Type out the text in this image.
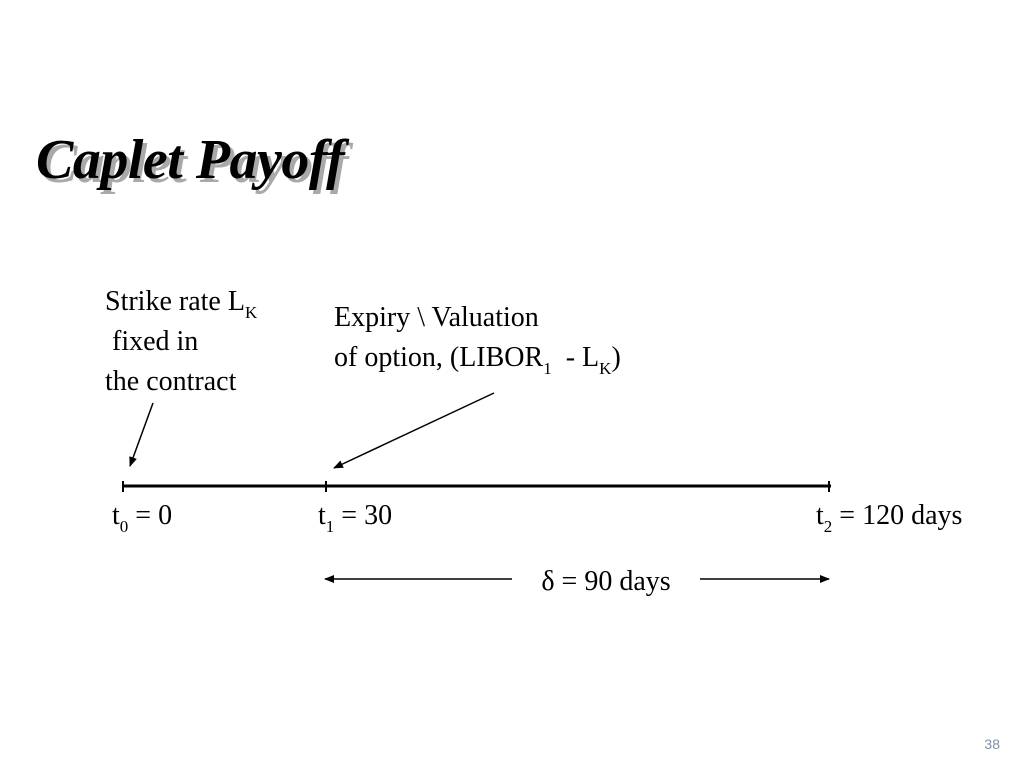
Caplet Payoff
Strike rate $L_K$
fixed in
the contract
Expiry \ Valuation
of option, $(LIBOR_1 - L_K)$
$t_0 = 0$	$t_1 = 30$	$t_2 = 120$ days
δ = 90 days
38
